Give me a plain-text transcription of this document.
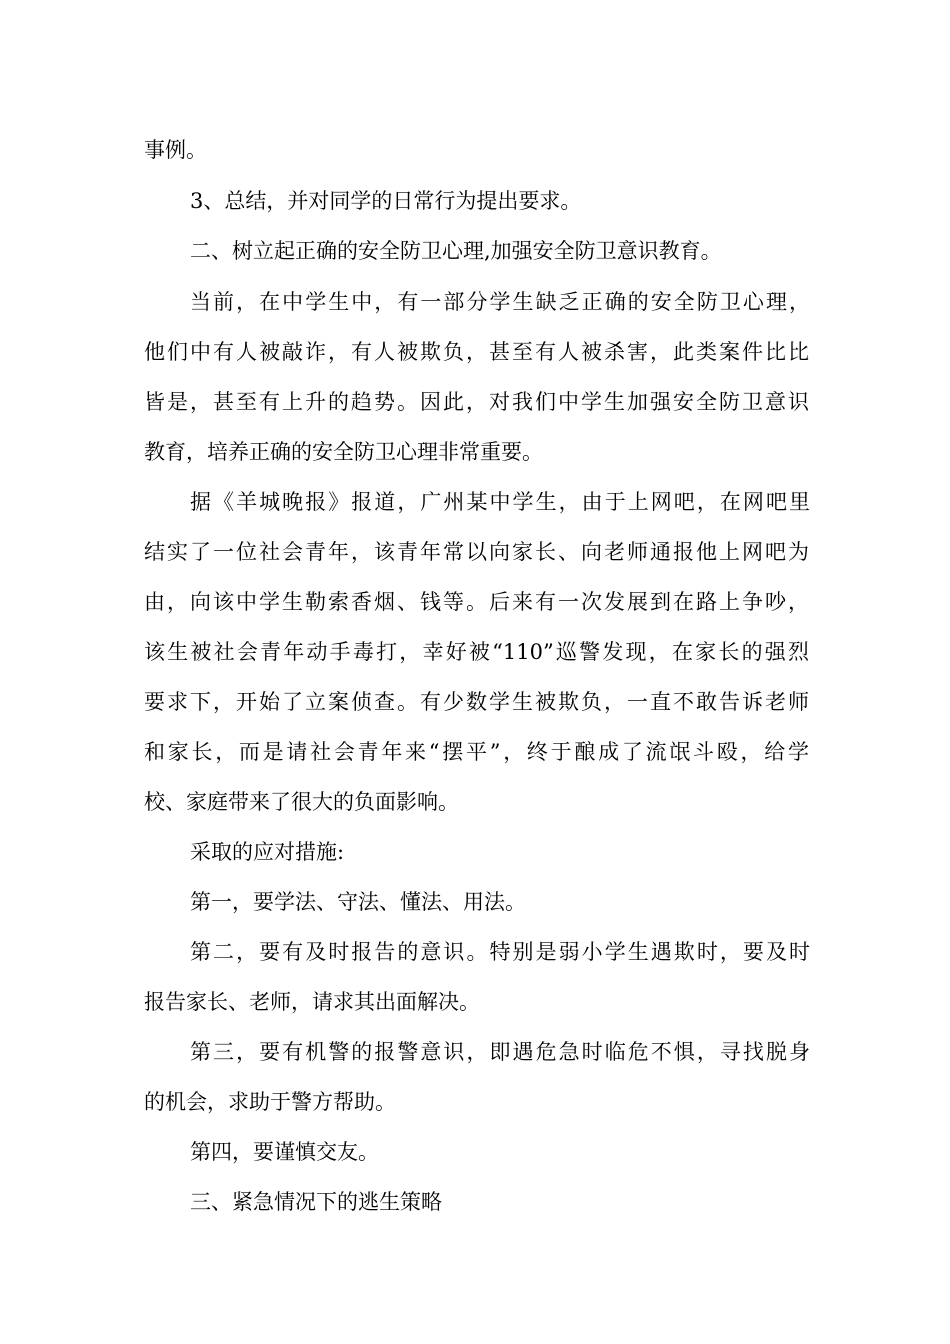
事例。
3、总结，并对同学的日常行为提出要求。
二、树立起正确的安全防卫心理,加强安全防卫意识教育。
当前，在中学生中，有一部分学生缺乏正确的安全防卫心理，
他们中有人被敲诈，有人被欺负，甚至有人被杀害，此类案件比比
皆是，甚至有上升的趋势。因此，对我们中学生加强安全防卫意识
教育，培养正确的安全防卫心理非常重要。
据《羊城晚报》报道，广州某中学生，由于上网吧，在网吧里
结实了一位社会青年，该青年常以向家长、向老师通报他上网吧为
由，向该中学生勒索香烟、钱等。后来有一次发展到在路上争吵，
该生被社会青年动手毒打，幸好被“110”巡警发现，在家长的强烈
要求下，开始了立案侦查。有少数学生被欺负，一直不敢告诉老师
和家长，而是请社会青年来“摆平”，终于酿成了流氓斗殴，给学
校、家庭带来了很大的负面影响。
采取的应对措施:
第一，要学法、守法、懂法、用法。
第二，要有及时报告的意识。特别是弱小学生遇欺时，要及时
报告家长、老师，请求其出面解决。
第三，要有机警的报警意识，即遇危急时临危不惧，寻找脱身
的机会，求助于警方帮助。
第四，要谨慎交友。
三、紧急情况下的逃生策略
